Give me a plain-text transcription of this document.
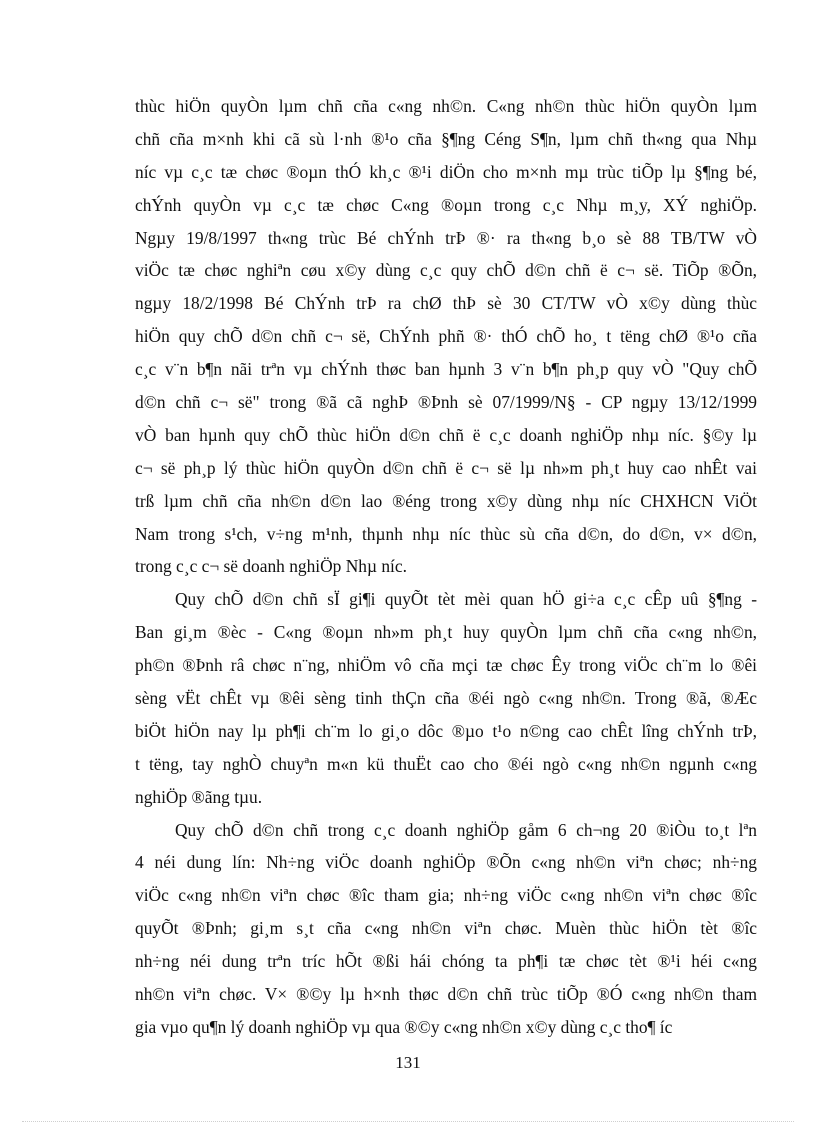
thùc hiÖn quyÒn lµm chñ cña c«ng nh©n. C«ng nh©n thùc hiÖn quyÒn lµm
chñ cña m×nh khi cã sù l·nh ®¹o cña §¶ng Céng S¶n, lµm chñ th«ng qua Nhµ
níc vµ c¸c tæ chøc ®oµn thÓ kh¸c ®¹i diÖn cho m×nh mµ trùc tiÕp lµ §¶ng bé,
chÝnh quyÒn vµ c¸c tæ chøc C«ng ®oµn trong c¸c Nhµ m¸y, XÝ nghiÖp.
Ngµy 19/8/1997 th«ng trùc Bé chÝnh trÞ ®· ra th«ng b¸o sè 88 TB/TW vÒ
viÖc tæ chøc nghiªn cøu x©y dùng c¸c quy chÕ d©n chñ ë c¬ së. TiÕp ®Õn,
ngµy 18/2/1998 Bé ChÝnh trÞ ra chØ thÞ sè 30 CT/TW vÒ x©y dùng thùc
hiÖn quy chÕ d©n chñ c¬ së, ChÝnh phñ ®· thÓ chÕ ho¸ t tëng chØ ®¹o cña
c¸c v¨n b¶n nãi trªn vµ chÝnh thøc ban hµnh 3 v¨n b¶n ph¸p quy vÒ "Quy chÕ
d©n chñ c¬ së" trong ®ã cã nghÞ ®Þnh sè 07/1999/N§ - CP ngµy 13/12/1999
vÒ ban hµnh quy chÕ thùc hiÖn d©n chñ ë c¸c doanh nghiÖp nhµ níc. §©y lµ
c¬ së ph¸p lý thùc hiÖn quyÒn d©n chñ ë c¬ së lµ nh»m ph¸t huy cao nhÊt vai
trß lµm chñ cña nh©n d©n lao ®éng trong x©y dùng nhµ níc CHXHCN ViÖt
Nam trong s¹ch, v÷ng m¹nh, thµnh nhµ níc thùc sù cña d©n, do d©n, v× d©n,
trong c¸c c¬ së doanh nghiÖp Nhµ níc.
Quy chÕ d©n chñ sÏ gi¶i quyÕt tèt mèi quan hÖ gi÷a c¸c cÊp uû §¶ng -
Ban gi¸m ®èc - C«ng ®oµn nh»m ph¸t huy quyÒn lµm chñ cña c«ng nh©n,
ph©n ®Þnh râ chøc n¨ng, nhiÖm vô cña mçi tæ chøc Êy trong viÖc ch¨m lo ®êi
sèng vËt chÊt vµ ®êi sèng tinh thÇn cña ®éi ngò c«ng nh©n. Trong ®ã, ®Æc
biÖt hiÖn nay lµ ph¶i ch¨m lo gi¸o dôc ®µo t¹o n©ng cao chÊt lîng chÝnh trÞ,
t tëng, tay nghÒ chuyªn m«n kü thuËt cao cho ®éi ngò c«ng nh©n ngµnh c«ng
nghiÖp ®ãng tµu.
Quy chÕ d©n chñ trong c¸c doanh nghiÖp gåm 6 ch¬ng 20 ®iÒu to¸t lªn
4 néi dung lín: Nh÷ng viÖc doanh nghiÖp ®Õn c«ng nh©n viªn chøc; nh÷ng
viÖc c«ng nh©n viªn chøc ®îc tham gia; nh÷ng viÖc c«ng nh©n viªn chøc ®îc
quyÕt ®Þnh; gi¸m s¸t cña c«ng nh©n viªn chøc. Muèn thùc hiÖn tèt ®îc
nh÷ng néi dung trªn tríc hÕt ®ßi hái chóng ta ph¶i tæ chøc tèt ®¹i héi c«ng
nh©n viªn chøc. V× ®©y lµ h×nh thøc d©n chñ trùc tiÕp ®Ó c«ng nh©n tham
gia vµo qu¶n lý doanh nghiÖp vµ qua ®©y c«ng nh©n x©y dùng c¸c tho¶ íc
131
